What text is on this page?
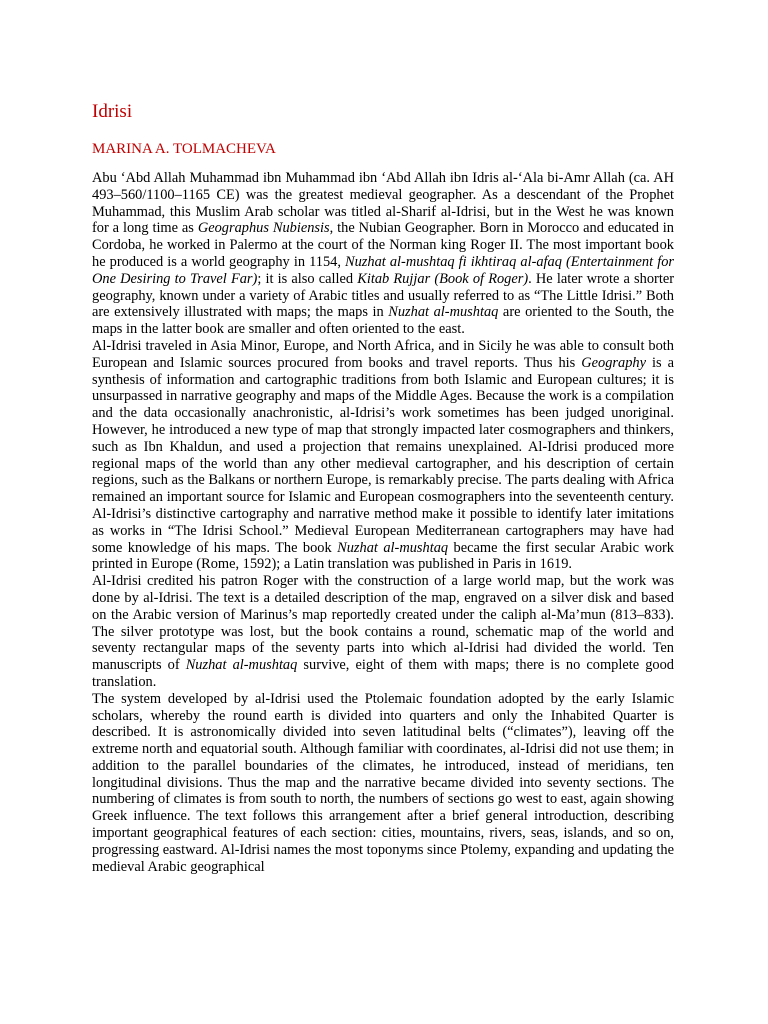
Idrisi
MARINA A. TOLMACHEVA

Abu ‘Abd Allah Muhammad ibn Muhammad ibn ‘Abd Allah ibn Idris al-‘Ala bi-Amr Allah (ca. AH 493–560/1100–1165 CE) was the greatest medieval geographer. As a descendant of the Prophet Muhammad, this Muslim Arab scholar was titled al-Sharif al-Idrisi, but in the West he was known for a long time as Geographus Nubiensis, the Nubian Geographer. Born in Morocco and educated in Cordoba, he worked in Palermo at the court of the Norman king Roger II. The most important book he produced is a world geography in 1154, Nuzhat al-mushtaq fi ikhtiraq al-afaq (Entertainment for One Desiring to Travel Far); it is also called Kitab Rujjar (Book of Roger). He later wrote a shorter geography, known under a variety of Arabic titles and usually referred to as “The Little Idrisi.” Both are extensively illustrated with maps; the maps in Nuzhat al-mushtaq are oriented to the South, the maps in the latter book are smaller and often oriented to the east.

Al-Idrisi traveled in Asia Minor, Europe, and North Africa, and in Sicily he was able to consult both European and Islamic sources procured from books and travel reports. Thus his Geography is a synthesis of information and cartographic traditions from both Islamic and European cultures; it is unsurpassed in narrative geography and maps of the Middle Ages. Because the work is a compilation and the data occasionally anachronistic, al-Idrisi’s work sometimes has been judged unoriginal. However, he introduced a new type of map that strongly impacted later cosmographers and thinkers, such as Ibn Khaldun, and used a projection that remains unexplained. Al-Idrisi produced more regional maps of the world than any other medieval cartographer, and his description of certain regions, such as the Balkans or northern Europe, is remarkably precise. The parts dealing with Africa remained an important source for Islamic and European cosmographers into the seventeenth century. Al-Idrisi’s distinctive cartography and narrative method make it possible to identify later imitations as works in “The Idrisi School.” Medieval European Mediterranean cartographers may have had some knowledge of his maps. The book Nuzhat al-mushtaq became the first secular Arabic work printed in Europe (Rome, 1592); a Latin translation was published in Paris in 1619.

Al-Idrisi credited his patron Roger with the construction of a large world map, but the work was done by al-Idrisi. The text is a detailed description of the map, engraved on a silver disk and based on the Arabic version of Marinus’s map reportedly created under the caliph al-Ma’mun (813–833). The silver prototype was lost, but the book contains a round, schematic map of the world and seventy rectangular maps of the seventy parts into which al-Idrisi had divided the world. Ten manuscripts of Nuzhat al-mushtaq survive, eight of them with maps; there is no complete good translation.

The system developed by al-Idrisi used the Ptolemaic foundation adopted by the early Islamic scholars, whereby the round earth is divided into quarters and only the Inhabited Quarter is described. It is astronomically divided into seven latitudinal belts (“climates”), leaving off the extreme north and equatorial south. Although familiar with coordinates, al-Idrisi did not use them; in addition to the parallel boundaries of the climates, he introduced, instead of meridians, ten longitudinal divisions. Thus the map and the narrative became divided into seventy sections. The numbering of climates is from south to north, the numbers of sections go west to east, again showing Greek influence. The text follows this arrangement after a brief general introduction, describing important geographical features of each section: cities, mountains, rivers, seas, islands, and so on, progressing eastward. Al-Idrisi names the most toponyms since Ptolemy, expanding and updating the medieval Arabic geographical
